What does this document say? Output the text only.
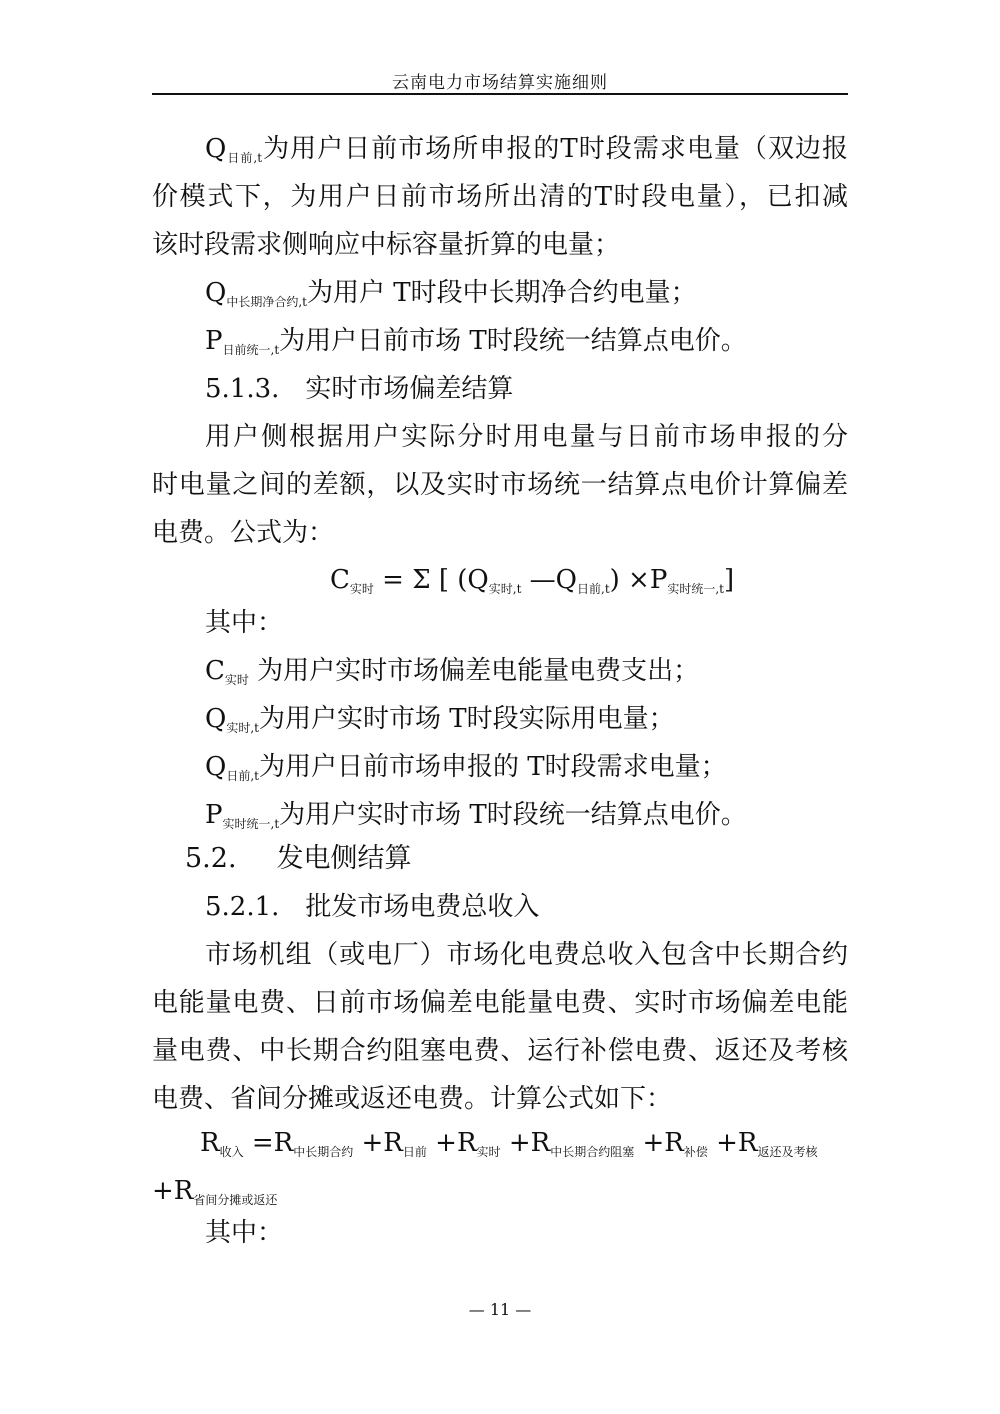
云南电力市场结算实施细则
$Q_{日前,t}$为用户日前市场所申报的T时段需求电量（双边报
价模式下，为用户日前市场所出清的T时段电量），已扣减
该时段需求侧响应中标容量折算的电量；
$Q_{中长期净合约,t}$为用户 T时段中长期净合约电量；
$P_{日前统一,t}$为用户日前市场 T时段统一结算点电价。
5.1.3. 实时市场偏差结算
用户侧根据用户实际分时用电量与日前市场申报的分
时电量之间的差额，以及实时市场统一结算点电价计算偏差
电费。公式为：
$C_{实时} = \Sigma$ [ ($Q_{实时,t}$ $—Q_{日前,t}) \times P_{实时统一,t}$]
其中：
$C_{实时}$ 为用户实时市场偏差电能量电费支出；
$Q_{实时,t}$为用户实时市场 T时段实际用电量；
$Q_{日前,t}$为用户日前市场申报的 T时段需求电量；
$P_{实时统一,t}$为用户实时市场 T时段统一结算点电价。
5.2. 发电侧结算
5.2.1. 批发市场电费总收入
市场机组（或电厂）市场化电费总收入包含中长期合约
电能量电费、日前市场偏差电能量电费、实时市场偏差电能
量电费、中长期合约阻塞电费、运行补偿电费、返还及考核
电费、省间分摊或返还电费。计算公式如下：
$R_{收入} =R_{中长期合约} +R_{日前} +R_{实时} +R_{中长期合约阻塞} +R_{补偿} +R_{返还及考核}$
$+R_{省间分摊或返还}$
其中：
— 11 —
